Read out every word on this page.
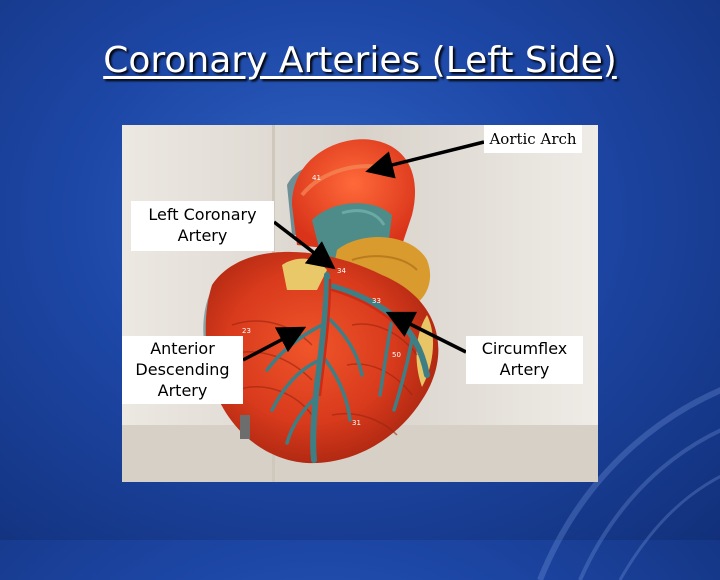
Coronary Arteries (Left Side)
41
34
33
23
50
31
Aortic Arch
Left Coronary
Artery
Anterior
Descending
Artery
Circumflex
Artery
